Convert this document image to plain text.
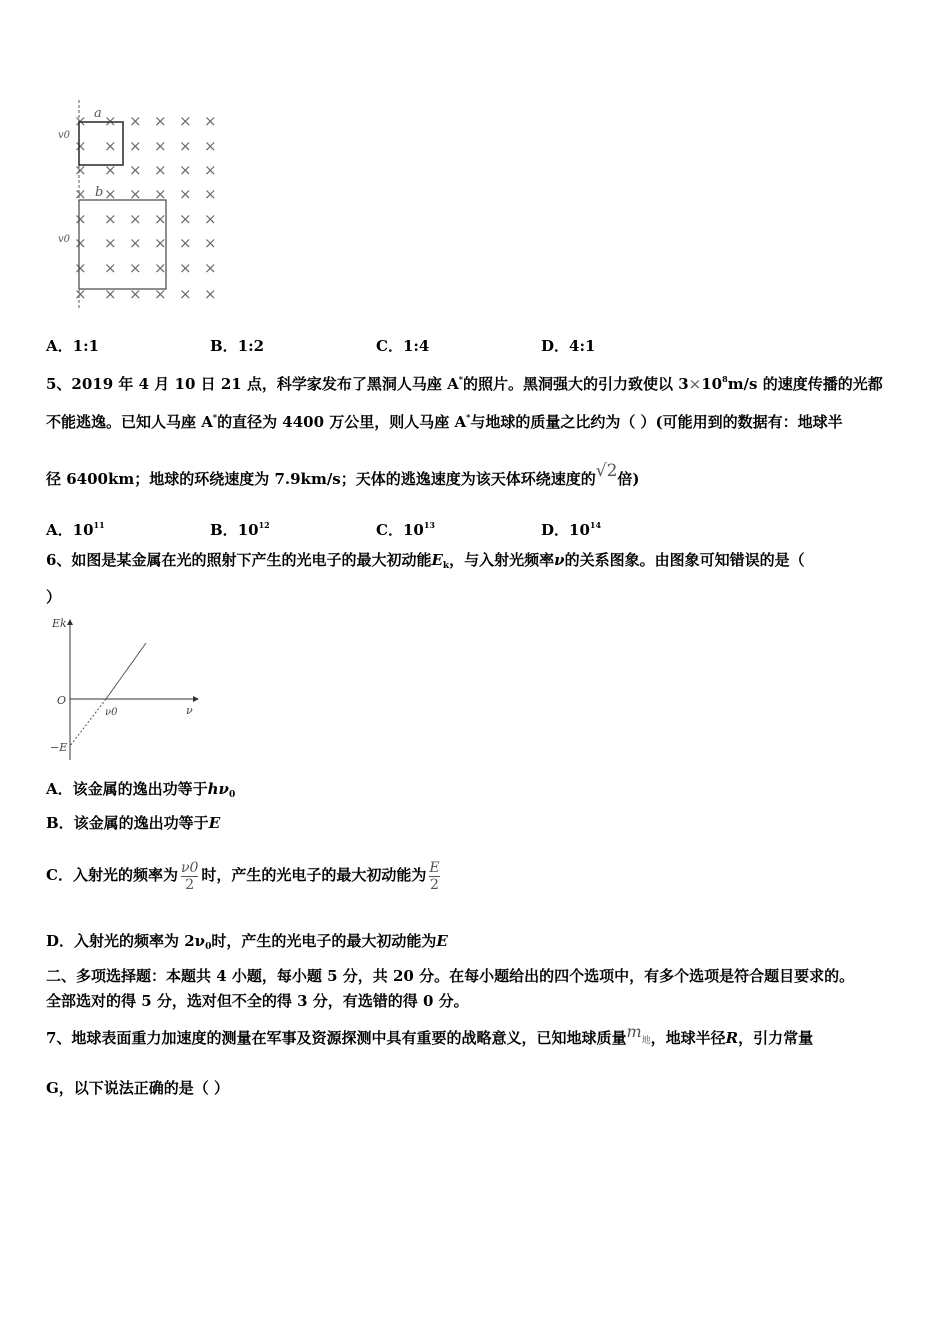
× × × × × ×
× × × × × ×
× × × × × ×
× × × × × ×
× × × × × ×
× × × × × ×
× × × × × ×
× × × × × ×
a
b
v0
v0
A．1:1	B．1:2	C．1:4	D．4:1
5、2019 年 4 月 10 日 21 点，科学家发布了黑洞人马座 A*的照片。黑洞强大的引力致使以 $3\times 10^8m/s$ 的速度传播的光都
不能逃逸。已知人马座 A*的直径为 4400 万公里，则人马座 A*与地球的质量之比约为（ ）(可能用到的数据有：地球半
径 6400km；地球的环绕速度为 7.9km/s；天体的逃逸速度为该天体环绕速度的√2倍)
A．$10^{11}$	B．$10^{12}$	C．$10^{13}$	D．$10^{14}$
6、如图是某金属在光的照射下产生的光电子的最大初动能$E_k$，与入射光频率ν的关系图象。由图象可知错误的是（
）
Ek
O
ν
ν0
−E
A．该金属的逸出功等于$h\nu_0$
B．该金属的逸出功等于E
C．入射光的频率为 $\frac{\nu 0}{2}$ 时，产生的光电子的最大初动能为 $\frac{E}{2}$
D．入射光的频率为 $2\nu_0$时，产生的光电子的最大初动能为E
二、多项选择题：本题共 4 小题，每小题 5 分，共 20 分。在每小题给出的四个选项中，有多个选项是符合题目要求的。
全部选对的得 5 分，选对但不全的得 3 分，有选错的得 0 分。
7、地球表面重力加速度的测量在军事及资源探测中具有重要的战略意义，已知地球质量m地，地球半径R，引力常量
G，以下说法正确的是（ ）
